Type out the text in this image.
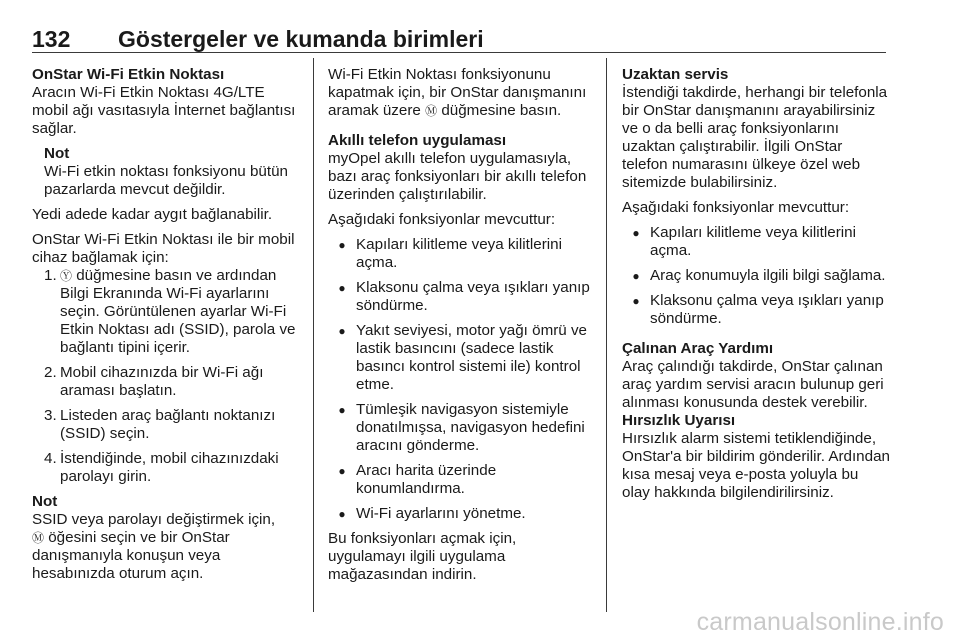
132 Göstergeler ve kumanda birimleri

OnStar Wi-Fi Etkin Noktası

Aracın Wi-Fi Etkin Noktası 4G/LTE mobil ağı vasıtasıyla İnternet bağlantısı sağlar.

Not

Wi-Fi etkin noktası fonksiyonu bütün pazarlarda mevcut değildir.

Yedi adede kadar aygıt bağlanabilir.

OnStar Wi-Fi Etkin Noktası ile bir mobil cihaz bağlamak için:

1. Ⓨ düğmesine basın ve ardından Bilgi Ekranında Wi-Fi ayarlarını seçin. Görüntülenen ayarlar Wi-Fi Etkin Noktası adı (SSID), parola ve bağlantı tipini içerir.
2. Mobil cihazınızda bir Wi-Fi ağı araması başlatın.
3. Listeden araç bağlantı noktanızı (SSID) seçin.
4. İstendiğinde, mobil cihazınızdaki parolayı girin.

Not

SSID veya parolayı değiştirmek için,
Ⓜ öğesini seçin ve bir OnStar danışmanıyla konuşun veya hesabınızda oturum açın.

Wi-Fi Etkin Noktası fonksiyonunu kapatmak için, bir OnStar danışmanını aramak üzere Ⓜ düğmesine basın.

Akıllı telefon uygulaması

myOpel akıllı telefon uygulamasıyla, bazı araç fonksiyonları bir akıllı telefon üzerinden çalıştırılabilir.

Aşağıdaki fonksiyonlar mevcuttur:

● Kapıları kilitleme veya kilitlerini açma.
● Klaksonu çalma veya ışıkları yanıp söndürme.
● Yakıt seviyesi, motor yağı ömrü ve lastik basıncını (sadece lastik basıncı kontrol sistemi ile) kontrol etme.
● Tümleşik navigasyon sistemiyle donatılmışsa, navigasyon hedefini aracını gönderme.
● Aracı harita üzerinde konumlandırma.
● Wi-Fi ayarlarını yönetme.

Bu fonksiyonları açmak için, uygulamayı ilgili uygulama mağazasından indirin.

Uzaktan servis

İstendiği takdirde, herhangi bir telefonla bir OnStar danışmanını arayabilirsiniz ve o da belli araç fonksiyonlarını uzaktan çalıştırabilir. İlgili OnStar telefon numarasını ülkeye özel web sitemizde bulabilirsiniz.

Aşağıdaki fonksiyonlar mevcuttur:

● Kapıları kilitleme veya kilitlerini açma.
● Araç konumuyla ilgili bilgi sağlama.
● Klaksonu çalma veya ışıkları yanıp söndürme.

Çalınan Araç Yardımı

Araç çalındığı takdirde, OnStar çalınan araç yardım servisi aracın bulunup geri alınması konusunda destek verebilir.

Hırsızlık Uyarısı

Hırsızlık alarm sistemi tetiklendiğinde, OnStar'a bir bildirim gönderilir. Ardından kısa mesaj veya e-posta yoluyla bu olay hakkında bilgilendirilirsiniz.

carmanualsonline.info
